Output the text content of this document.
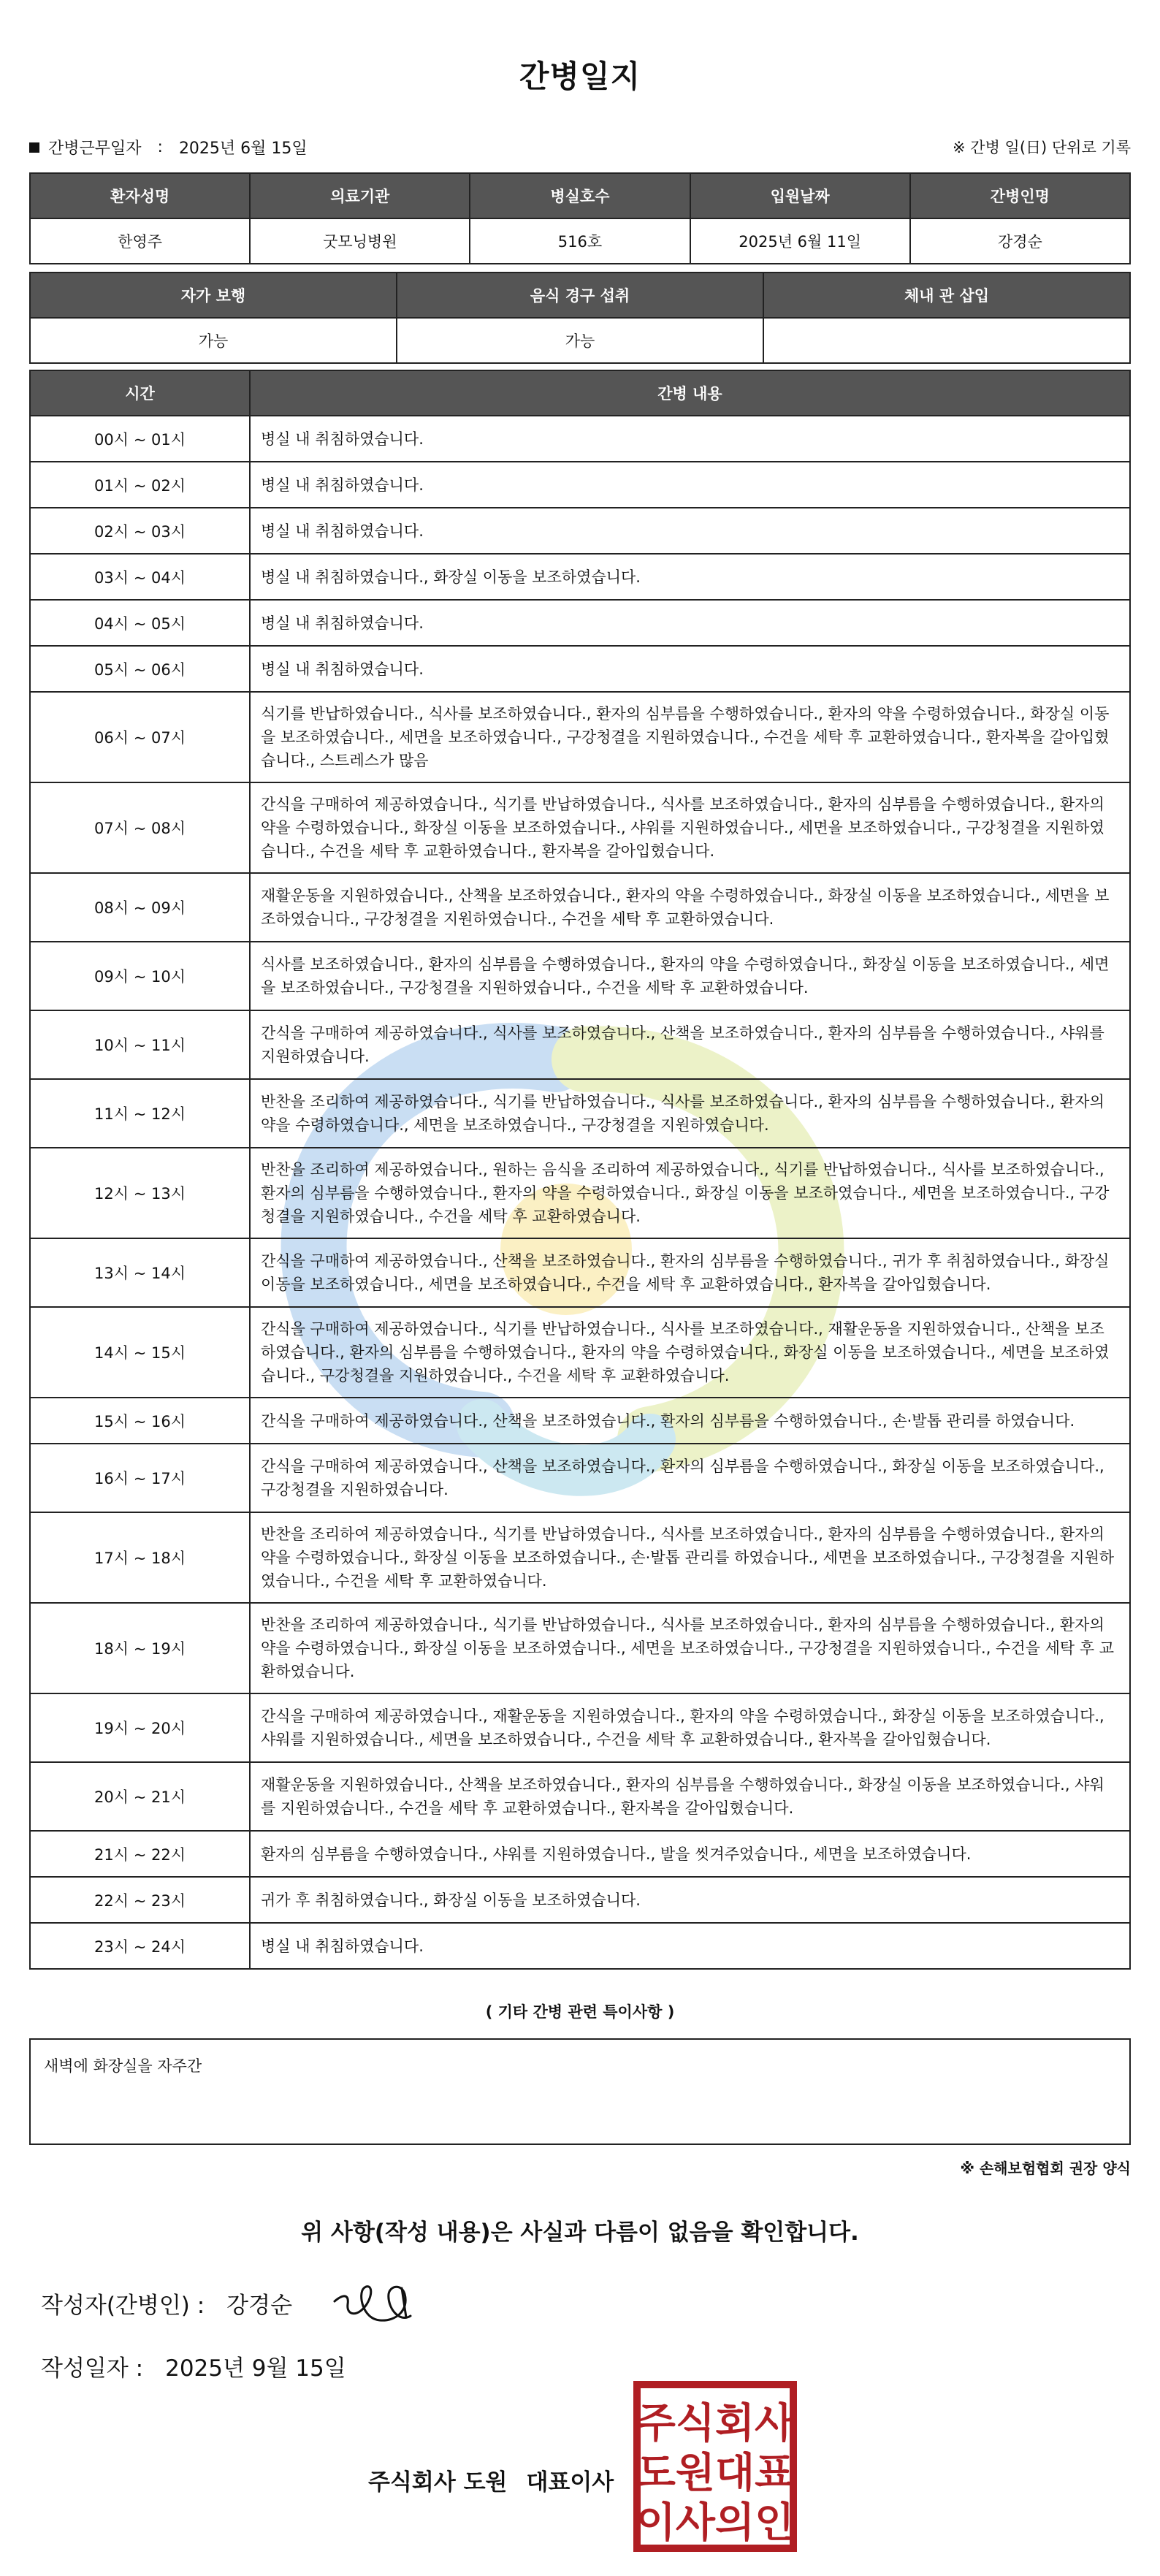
간병일지
간병근무일자 : 2025년 6월 15일	※ 간병 일(日) 단위로 기록
환자성명	의료기관	병실호수	입원날짜	간병인명
한영주	굿모닝병원	516호	2025년 6월 11일	강경순
자가 보행	음식 경구 섭취	체내 관 삽입
가능	가능	
시간	간병 내용
00시 ~ 01시	병실 내 취침하였습니다.
01시 ~ 02시	병실 내 취침하였습니다.
02시 ~ 03시	병실 내 취침하였습니다.
03시 ~ 04시	병실 내 취침하였습니다., 화장실 이동을 보조하였습니다.
04시 ~ 05시	병실 내 취침하였습니다.
05시 ~ 06시	병실 내 취침하였습니다.
06시 ~ 07시	식기를 반납하였습니다., 식사를 보조하였습니다., 환자의 심부름을 수행하였습니다., 환자의 약을 수령하였습니다., 화장실 이동을 보조하였습니다., 세면을 보조하였습니다., 구강청결을 지원하였습니다., 수건을 세탁 후 교환하였습니다., 환자복을 갈아입혔습니다., 스트레스가 많음
07시 ~ 08시	간식을 구매하여 제공하였습니다., 식기를 반납하였습니다., 식사를 보조하였습니다., 환자의 심부름을 수행하였습니다., 환자의 약을 수령하였습니다., 화장실 이동을 보조하였습니다., 샤워를 지원하였습니다., 세면을 보조하였습니다., 구강청결을 지원하였습니다., 수건을 세탁 후 교환하였습니다., 환자복을 갈아입혔습니다.
08시 ~ 09시	재활운동을 지원하였습니다., 산책을 보조하였습니다., 환자의 약을 수령하였습니다., 화장실 이동을 보조하였습니다., 세면을 보조하였습니다., 구강청결을 지원하였습니다., 수건을 세탁 후 교환하였습니다.
09시 ~ 10시	식사를 보조하였습니다., 환자의 심부름을 수행하였습니다., 환자의 약을 수령하였습니다., 화장실 이동을 보조하였습니다., 세면을 보조하였습니다., 구강청결을 지원하였습니다., 수건을 세탁 후 교환하였습니다.
10시 ~ 11시	간식을 구매하여 제공하였습니다., 식사를 보조하였습니다., 산책을 보조하였습니다., 환자의 심부름을 수행하였습니다., 샤워를 지원하였습니다.
11시 ~ 12시	반찬을 조리하여 제공하였습니다., 식기를 반납하였습니다., 식사를 보조하였습니다., 환자의 심부름을 수행하였습니다., 환자의 약을 수령하였습니다., 세면을 보조하였습니다., 구강청결을 지원하였습니다.
12시 ~ 13시	반찬을 조리하여 제공하였습니다., 원하는 음식을 조리하여 제공하였습니다., 식기를 반납하였습니다., 식사를 보조하였습니다., 환자의 심부름을 수행하였습니다., 환자의 약을 수령하였습니다., 화장실 이동을 보조하였습니다., 세면을 보조하였습니다., 구강청결을 지원하였습니다., 수건을 세탁 후 교환하였습니다.
13시 ~ 14시	간식을 구매하여 제공하였습니다., 산책을 보조하였습니다., 환자의 심부름을 수행하였습니다., 귀가 후 취침하였습니다., 화장실 이동을 보조하였습니다., 세면을 보조하였습니다., 수건을 세탁 후 교환하였습니다., 환자복을 갈아입혔습니다.
14시 ~ 15시	간식을 구매하여 제공하였습니다., 식기를 반납하였습니다., 식사를 보조하였습니다., 재활운동을 지원하였습니다., 산책을 보조하였습니다., 환자의 심부름을 수행하였습니다., 환자의 약을 수령하였습니다., 화장실 이동을 보조하였습니다., 세면을 보조하였습니다., 구강청결을 지원하였습니다., 수건을 세탁 후 교환하였습니다.
15시 ~ 16시	간식을 구매하여 제공하였습니다., 산책을 보조하였습니다., 환자의 심부름을 수행하였습니다., 손·발톱 관리를 하였습니다.
16시 ~ 17시	간식을 구매하여 제공하였습니다., 산책을 보조하였습니다., 환자의 심부름을 수행하였습니다., 화장실 이동을 보조하였습니다., 구강청결을 지원하였습니다.
17시 ~ 18시	반찬을 조리하여 제공하였습니다., 식기를 반납하였습니다., 식사를 보조하였습니다., 환자의 심부름을 수행하였습니다., 환자의 약을 수령하였습니다., 화장실 이동을 보조하였습니다., 손·발톱 관리를 하였습니다., 세면을 보조하였습니다., 구강청결을 지원하였습니다., 수건을 세탁 후 교환하였습니다.
18시 ~ 19시	반찬을 조리하여 제공하였습니다., 식기를 반납하였습니다., 식사를 보조하였습니다., 환자의 심부름을 수행하였습니다., 환자의 약을 수령하였습니다., 화장실 이동을 보조하였습니다., 세면을 보조하였습니다., 구강청결을 지원하였습니다., 수건을 세탁 후 교환하였습니다.
19시 ~ 20시	간식을 구매하여 제공하였습니다., 재활운동을 지원하였습니다., 환자의 약을 수령하였습니다., 화장실 이동을 보조하였습니다., 샤워를 지원하였습니다., 세면을 보조하였습니다., 수건을 세탁 후 교환하였습니다., 환자복을 갈아입혔습니다.
20시 ~ 21시	재활운동을 지원하였습니다., 산책을 보조하였습니다., 환자의 심부름을 수행하였습니다., 화장실 이동을 보조하였습니다., 샤워를 지원하였습니다., 수건을 세탁 후 교환하였습니다., 환자복을 갈아입혔습니다.
21시 ~ 22시	환자의 심부름을 수행하였습니다., 샤워를 지원하였습니다., 발을 씻겨주었습니다., 세면을 보조하였습니다.
22시 ~ 23시	귀가 후 취침하였습니다., 화장실 이동을 보조하였습니다.
23시 ~ 24시	병실 내 취침하였습니다.
( 기타 간병 관련 특이사항 )
새벽에 화장실을 자주간
※ 손해보험협회 권장 양식
위 사항(작성 내용)은 사실과 다름이 없음을 확인합니다.
작성자(간병인) : 강경순
작성일자 : 2025년 9월 15일
주식회사 도원 대표이사
주식회사
도원대표
이사의인
